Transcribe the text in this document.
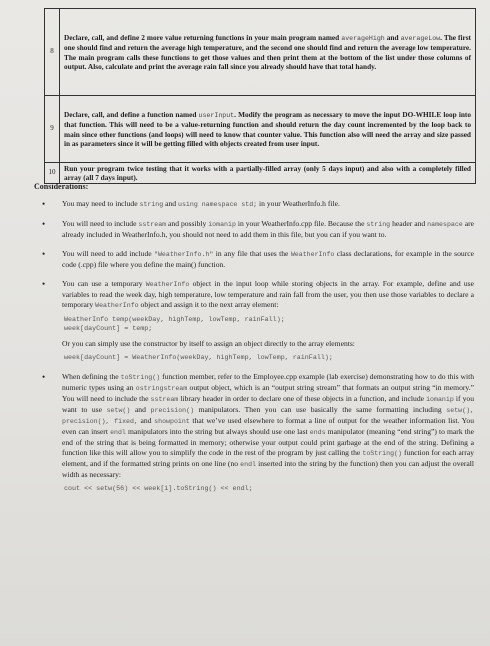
8	Declare, call, and define 2 more value returning functions in your main program named averageHigh and averageLow. The first one should find and return the average high temperature, and the second one should find and return the average low temperature. The main program calls these functions to get those values and then print them at the bottom of the list under those columns of output. Also, calculate and print the average rain fall since you already should have that total handy.
9	Declare, call, and define a function named userInput. Modify the program as necessary to move the input DO-WHILE loop into that function. This will need to be a value-returning function and should return the day count incremented by the loop back to main since other functions (and loops) will need to know that counter value. This function also will need the array and size passed in as parameters since it will be getting filled with objects created from user input.
10	Run your program twice testing that it works with a partially-filled array (only 5 days input) and also with a completely filled array (all 7 days input).
Considerations:

• You may need to include string and using namespace std; in your WeatherInfo.h file.

• You will need to include sstream and possibly iomanip in your WeatherInfo.cpp file. Because the string header and namespace are already included in WeatherInfo.h, you should not need to add them in this file, but you can if you want to.

• You will need to add include "WeatherInfo.h" in any file that uses the WeatherInfo class declarations, for example in the source code (.cpp) file where you define the main() function.

• You can use a temporary WeatherInfo object in the input loop while storing objects in the array. For example, define and use variables to read the week day, high temperature, low temperature and rain fall from the user, you then use those variables to declare a temporary WeatherInfo object and assign it to the next array element:

WeatherInfo temp(weekDay, highTemp, lowTemp, rainFall);
week[dayCount] = temp;

Or you can simply use the constructor by itself to assign an object directly to the array elements:

week[dayCount] = WeatherInfo(weekDay, highTemp, lowTemp, rainFall);

• When defining the toString() function member, refer to the Employee.cpp example (lab exercise) demonstrating how to do this with numeric types using an ostringstream output object, which is an “output string stream” that formats an output string “in memory.” You will need to include the sstream library header in order to declare one of these objects in a function, and include iomanip if you want to use setw() and precision() manipulators. Then you can use basically the same formatting including setw(), precision(), fixed, and showpoint that we’ve used elsewhere to format a line of output for the weather information list. You even can insert endl manipulators into the string but always should use one last ends manipulator (meaning “end string”) to mark the end of the string that is being formatted in memory; otherwise your output could print garbage at the end of the string. Defining a function like this will allow you to simplify the code in the rest of the program by just calling the toString() function for each array element, and if the formatted string prints on one line (no endl inserted into the string by the function) then you can adjust the overall width as necessary:

cout << setw(56) << week[i].toString() << endl;
